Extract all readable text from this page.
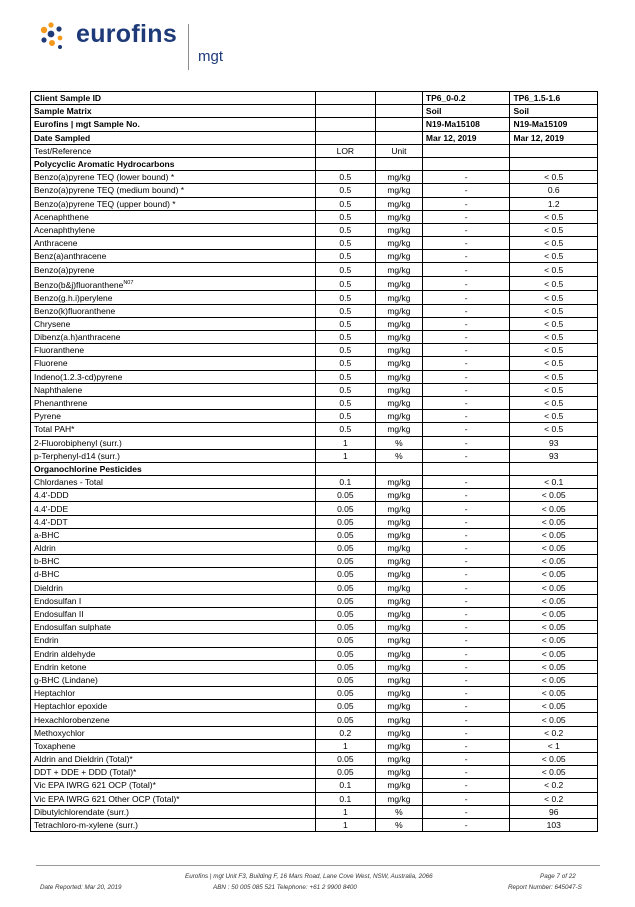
eurofins
mgt
Client Sample ID			TP6_0-0.2	TP6_1.5-1.6
Sample Matrix			Soil	Soil
Eurofins | mgt Sample No.			N19-Ma15108	N19-Ma15109
Date Sampled			Mar 12, 2019	Mar 12, 2019
Test/Reference	LOR	Unit		
Polycyclic Aromatic Hydrocarbons				
Benzo(a)pyrene TEQ (lower bound) *	0.5	mg/kg	-	< 0.5
Benzo(a)pyrene TEQ (medium bound) *	0.5	mg/kg	-	0.6
Benzo(a)pyrene TEQ (upper bound) *	0.5	mg/kg	-	1.2
Acenaphthene	0.5	mg/kg	-	< 0.5
Acenaphthylene	0.5	mg/kg	-	< 0.5
Anthracene	0.5	mg/kg	-	< 0.5
Benz(a)anthracene	0.5	mg/kg	-	< 0.5
Benzo(a)pyrene	0.5	mg/kg	-	< 0.5
Benzo(b&j)fluoranthene$^{N07}$	0.5	mg/kg	-	< 0.5
Benzo(g.h.i)perylene	0.5	mg/kg	-	< 0.5
Benzo(k)fluoranthene	0.5	mg/kg	-	< 0.5
Chrysene	0.5	mg/kg	-	< 0.5
Dibenz(a.h)anthracene	0.5	mg/kg	-	< 0.5
Fluoranthene	0.5	mg/kg	-	< 0.5
Fluorene	0.5	mg/kg	-	< 0.5
Indeno(1.2.3-cd)pyrene	0.5	mg/kg	-	< 0.5
Naphthalene	0.5	mg/kg	-	< 0.5
Phenanthrene	0.5	mg/kg	-	< 0.5
Pyrene	0.5	mg/kg	-	< 0.5
Total PAH*	0.5	mg/kg	-	< 0.5
2-Fluorobiphenyl (surr.)	1	%	-	93
p-Terphenyl-d14 (surr.)	1	%	-	93
Organochlorine Pesticides				
Chlordanes - Total	0.1	mg/kg	-	< 0.1
4.4'-DDD	0.05	mg/kg	-	< 0.05
4.4'-DDE	0.05	mg/kg	-	< 0.05
4.4'-DDT	0.05	mg/kg	-	< 0.05
a-BHC	0.05	mg/kg	-	< 0.05
Aldrin	0.05	mg/kg	-	< 0.05
b-BHC	0.05	mg/kg	-	< 0.05
d-BHC	0.05	mg/kg	-	< 0.05
Dieldrin	0.05	mg/kg	-	< 0.05
Endosulfan I	0.05	mg/kg	-	< 0.05
Endosulfan II	0.05	mg/kg	-	< 0.05
Endosulfan sulphate	0.05	mg/kg	-	< 0.05
Endrin	0.05	mg/kg	-	< 0.05
Endrin aldehyde	0.05	mg/kg	-	< 0.05
Endrin ketone	0.05	mg/kg	-	< 0.05
g-BHC (Lindane)	0.05	mg/kg	-	< 0.05
Heptachlor	0.05	mg/kg	-	< 0.05
Heptachlor epoxide	0.05	mg/kg	-	< 0.05
Hexachlorobenzene	0.05	mg/kg	-	< 0.05
Methoxychlor	0.2	mg/kg	-	< 0.2
Toxaphene	1	mg/kg	-	< 1
Aldrin and Dieldrin (Total)*	0.05	mg/kg	-	< 0.05
DDT + DDE + DDD (Total)*	0.05	mg/kg	-	< 0.05
Vic EPA IWRG 621 OCP (Total)*	0.1	mg/kg	-	< 0.2
Vic EPA IWRG 621 Other OCP (Total)*	0.1	mg/kg	-	< 0.2
Dibutylchlorendate (surr.)	1	%	-	96
Tetrachloro-m-xylene (surr.)	1	%	-	103
Eurofins | mgt Unit F3, Building F, 16 Mars Road, Lane Cove West, NSW, Australia, 2066	Page 7 of 22
Date Reported: Mar 20, 2019	ABN : 50 005 085 521 Telephone: +61 2 9900 8400	Report Number: 645047-S
